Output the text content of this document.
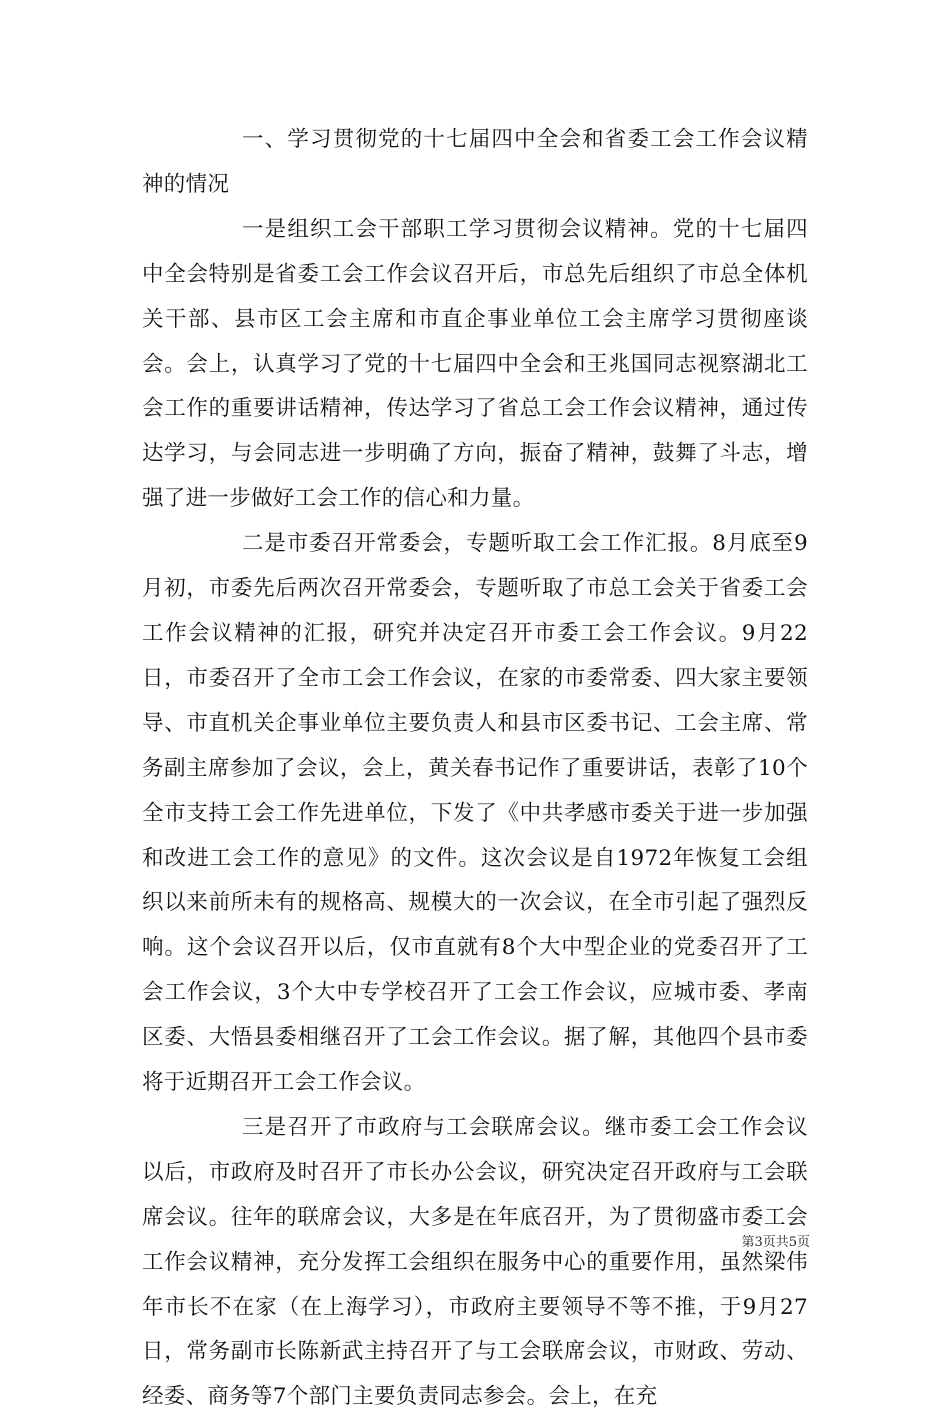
一、学习贯彻党的十七届四中全会和省委工会工作会议精神的情况

一是组织工会干部职工学习贯彻会议精神。党的十七届四中全会特别是省委工会工作会议召开后，市总先后组织了市总全体机关干部、县市区工会主席和市直企事业单位工会主席学习贯彻座谈会。会上，认真学习了党的十七届四中全会和王兆国同志视察湖北工会工作的重要讲话精神，传达学习了省总工会工作会议精神，通过传达学习，与会同志进一步明确了方向，振奋了精神，鼓舞了斗志，增强了进一步做好工会工作的信心和力量。

二是市委召开常委会，专题听取工会工作汇报。8月底至9月初，市委先后两次召开常委会，专题听取了市总工会关于省委工会工作会议精神的汇报，研究并决定召开市委工会工作会议。9月22日，市委召开了全市工会工作会议，在家的市委常委、四大家主要领导、市直机关企事业单位主要负责人和县市区委书记、工会主席、常务副主席参加了会议，会上，黄关春书记作了重要讲话，表彰了10个全市支持工会工作先进单位，下发了《中共孝感市委关于进一步加强和改进工会工作的意见》的文件。这次会议是自1972年恢复工会组织以来前所未有的规格高、规模大的一次会议，在全市引起了强烈反响。这个会议召开以后，仅市直就有8个大中型企业的党委召开了工会工作会议，3个大中专学校召开了工会工作会议，应城市委、孝南区委、大悟县委相继召开了工会工作会议。据了解，其他四个县市委将于近期召开工会工作会议。

三是召开了市政府与工会联席会议。继市委工会工作会议以后，市政府及时召开了市长办公会议，研究决定召开政府与工会联席会议。往年的联席会议，大多是在年底召开，为了贯彻盛市委工会工作会议精神，充分发挥工会组织在服务中心的重要作用，虽然梁伟年市长不在家（在上海学习），市政府主要领导不等不推，于9月27日，常务副市长陈新武主持召开了与工会联席会议，市财政、劳动、经委、商务等7个部门主要负责同志参会。会上，在充

第3页共5页
